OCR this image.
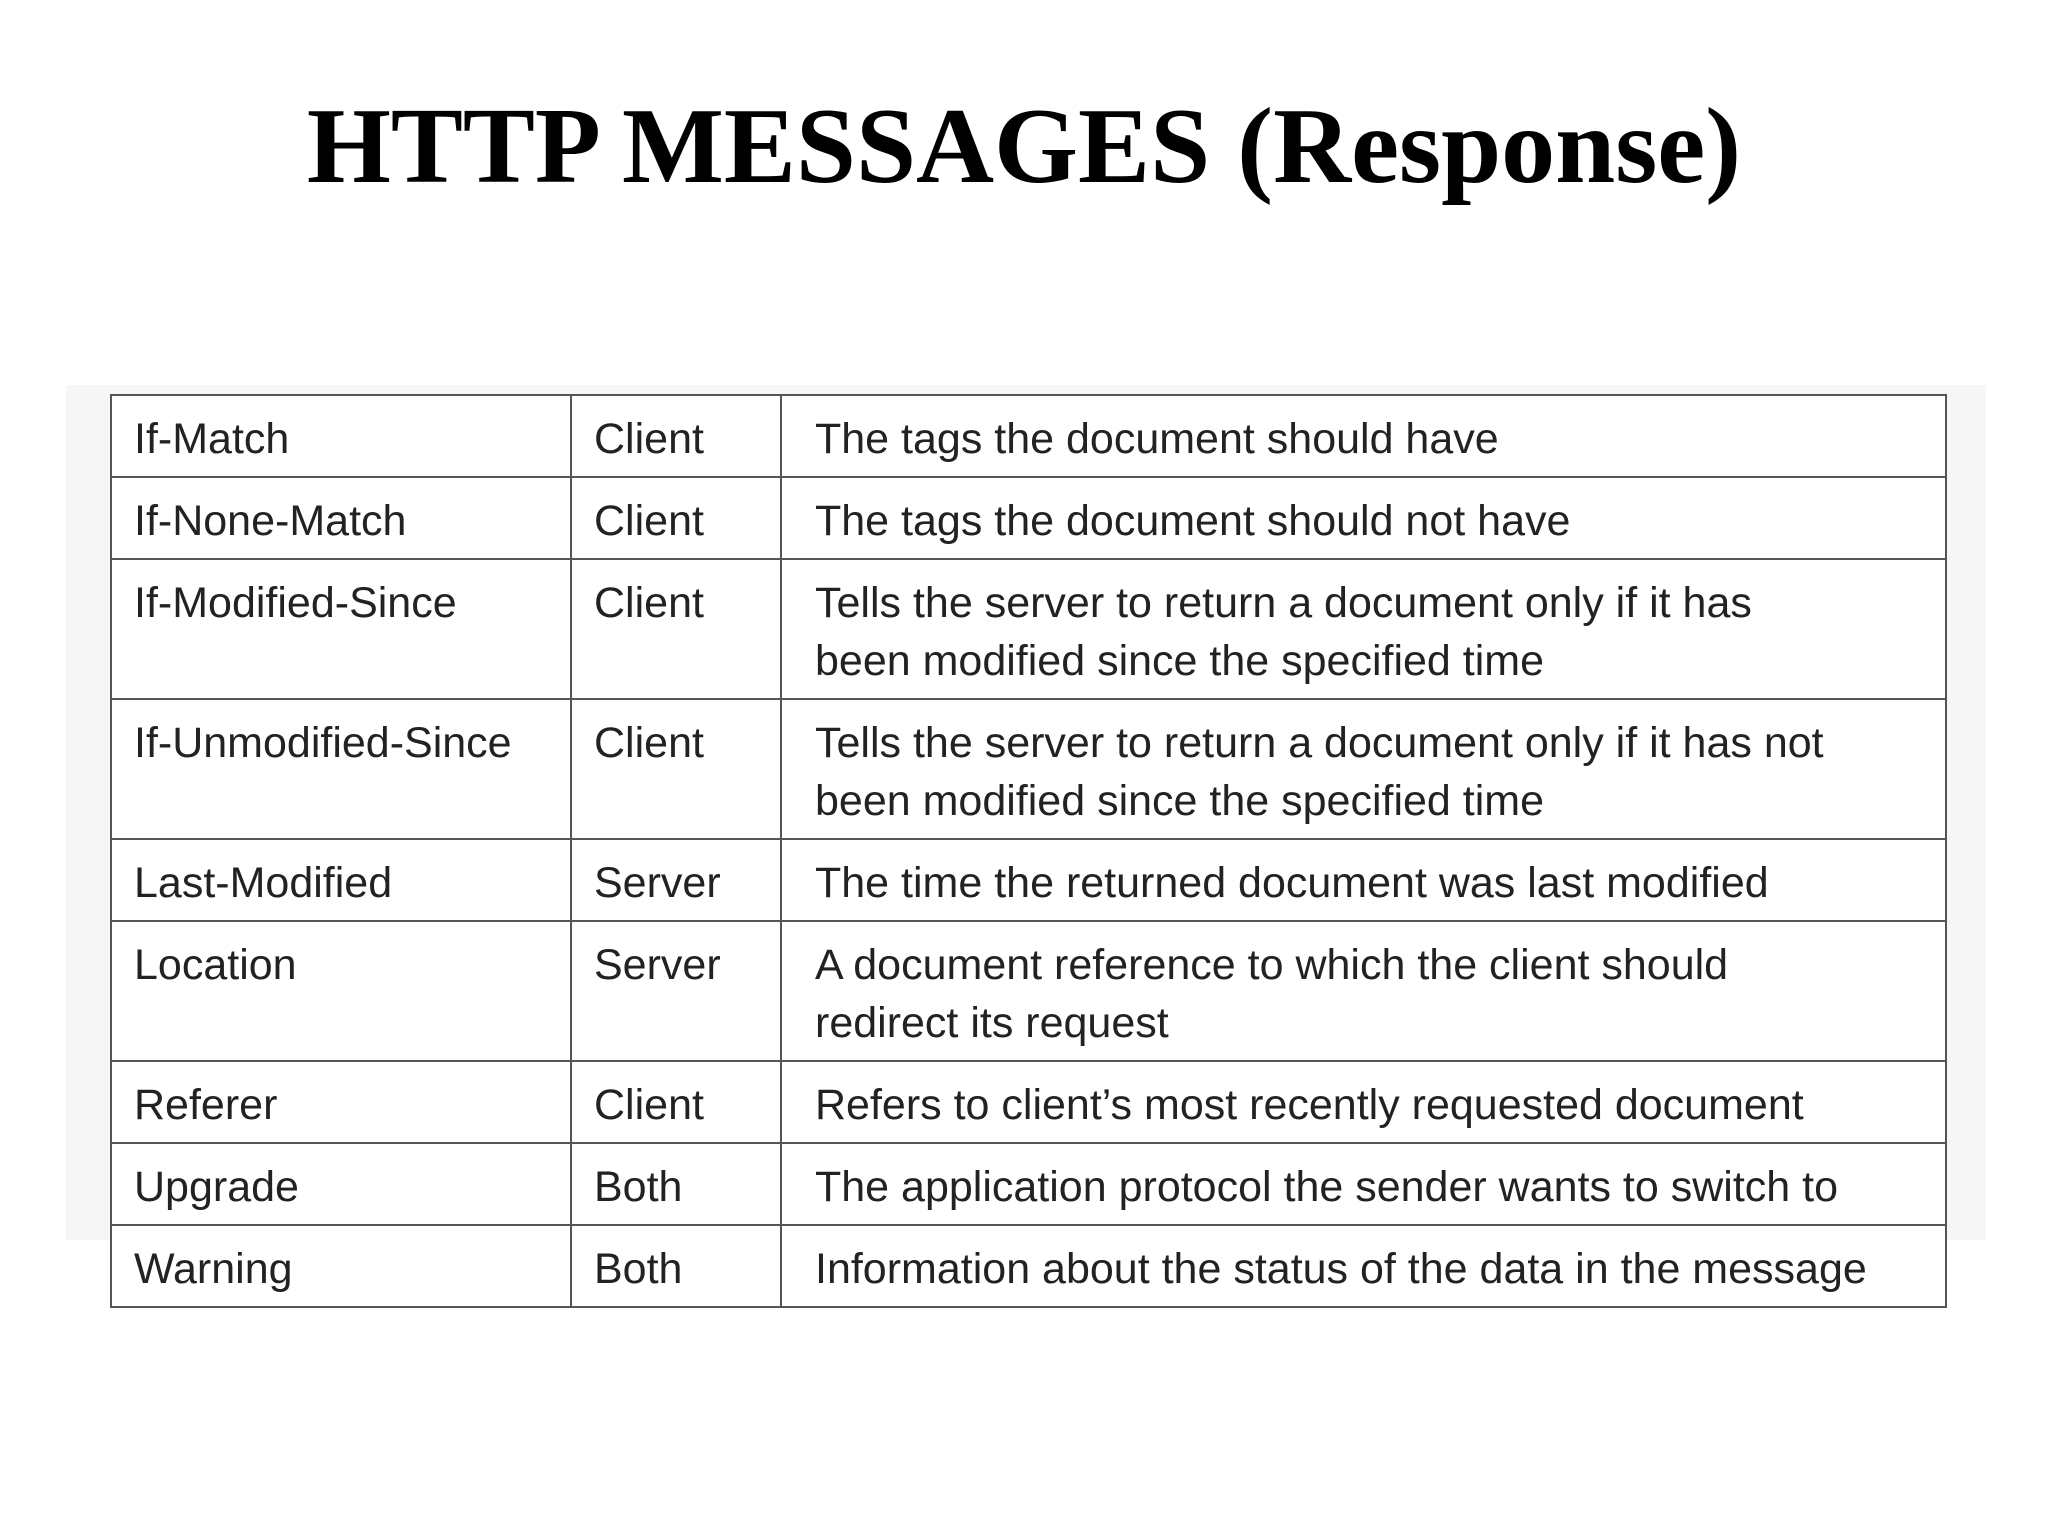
HTTP MESSAGES (Response)
If-Match	Client	The tags the document should have
If-None-Match	Client	The tags the document should not have
If-Modified-Since	Client	Tells the server to return a document only if it has
been modified since the specified time

If-Unmodified-Since	Client	Tells the server to return a document only if it has not
been modified since the specified time

Last-Modified	Server	The time the returned document was last modified
Location	Server	A document reference to which the client should
redirect its request

Referer	Client	Refers to client’s most recently requested document
Upgrade	Both	The application protocol the sender wants to switch to
Warning	Both	Information about the status of the data in the message
